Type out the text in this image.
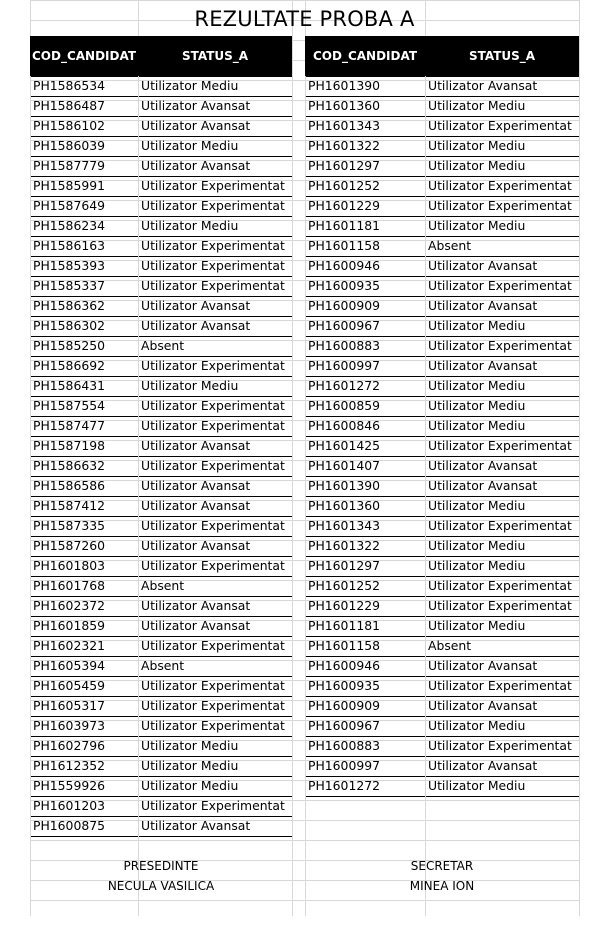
REZULTATE PROBA A
COD_CANDIDAT	STATUS_A	COD_CANDIDAT	STATUS_A
PH1586534	Utilizator Mediu
PH1586487	Utilizator Avansat
PH1586102	Utilizator Avansat
PH1586039	Utilizator Mediu
PH1587779	Utilizator Avansat
PH1585991	Utilizator Experimentat
PH1587649	Utilizator Experimentat
PH1586234	Utilizator Mediu
PH1586163	Utilizator Experimentat
PH1585393	Utilizator Experimentat
PH1585337	Utilizator Experimentat
PH1586362	Utilizator Avansat
PH1586302	Utilizator Avansat
PH1585250	Absent
PH1586692	Utilizator Experimentat
PH1586431	Utilizator Mediu
PH1587554	Utilizator Experimentat
PH1587477	Utilizator Experimentat
PH1587198	Utilizator Avansat
PH1586632	Utilizator Experimentat
PH1586586	Utilizator Avansat
PH1587412	Utilizator Avansat
PH1587335	Utilizator Experimentat
PH1587260	Utilizator Avansat
PH1601803	Utilizator Experimentat
PH1601768	Absent
PH1602372	Utilizator Avansat
PH1601859	Utilizator Avansat
PH1602321	Utilizator Experimentat
PH1605394	Absent
PH1605459	Utilizator Experimentat
PH1605317	Utilizator Experimentat
PH1603973	Utilizator Experimentat
PH1602796	Utilizator Mediu
PH1612352	Utilizator Mediu
PH1559926	Utilizator Mediu
PH1601203	Utilizator Experimentat
PH1600875	Utilizator Avansat
PH1601390	Utilizator Avansat
PH1601360	Utilizator Mediu
PH1601343	Utilizator Experimentat
PH1601322	Utilizator Mediu
PH1601297	Utilizator Mediu
PH1601252	Utilizator Experimentat
PH1601229	Utilizator Experimentat
PH1601181	Utilizator Mediu
PH1601158	Absent
PH1600946	Utilizator Avansat
PH1600935	Utilizator Experimentat
PH1600909	Utilizator Avansat
PH1600967	Utilizator Mediu
PH1600883	Utilizator Experimentat
PH1600997	Utilizator Avansat
PH1601272	Utilizator Mediu
PH1600859	Utilizator Mediu
PH1600846	Utilizator Mediu
PH1601425	Utilizator Experimentat
PH1601407	Utilizator Avansat
PH1601390	Utilizator Avansat
PH1601360	Utilizator Mediu
PH1601343	Utilizator Experimentat
PH1601322	Utilizator Mediu
PH1601297	Utilizator Mediu
PH1601252	Utilizator Experimentat
PH1601229	Utilizator Experimentat
PH1601181	Utilizator Mediu
PH1601158	Absent
PH1600946	Utilizator Avansat
PH1600935	Utilizator Experimentat
PH1600909	Utilizator Avansat
PH1600967	Utilizator Mediu
PH1600883	Utilizator Experimentat
PH1600997	Utilizator Avansat
PH1601272	Utilizator Mediu
PRESEDINTE
NECULA VASILICA
SECRETAR
MINEA ION
